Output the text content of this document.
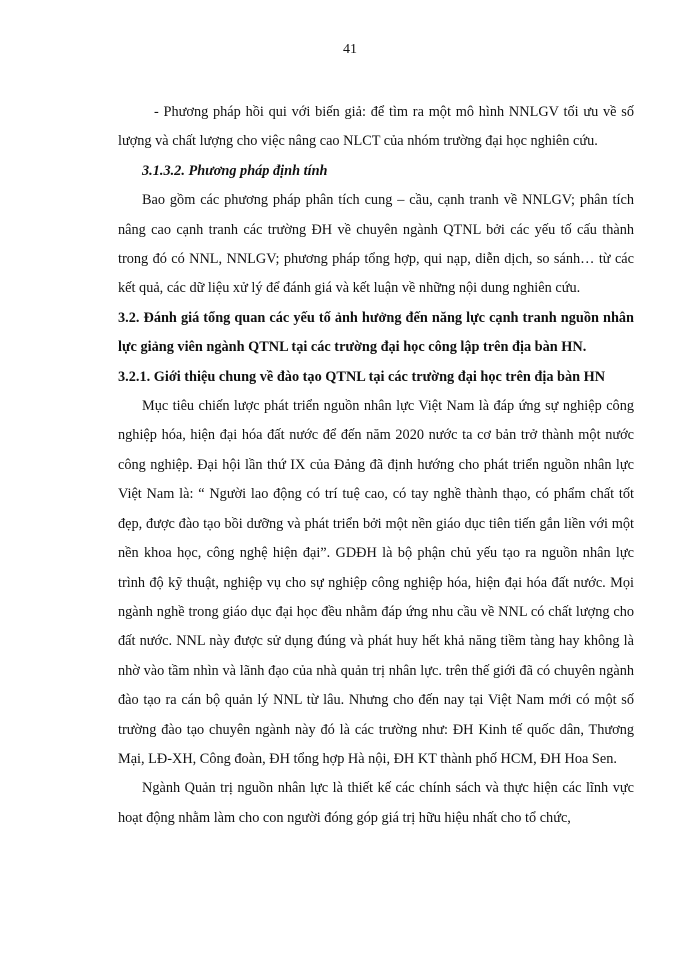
41

- Phương pháp hồi qui với biến giả: để tìm ra một mô hình NNLGV tối ưu về số lượng và chất lượng cho việc nâng cao NLCT của nhóm trường đại học nghiên cứu.

3.1.3.2. Phương pháp định tính

Bao gồm các phương pháp phân tích cung – cầu, cạnh tranh về NNLGV; phân tích nâng cao cạnh tranh các trường ĐH về chuyên ngành QTNL bởi các yếu tố cấu thành trong đó có NNL, NNLGV; phương pháp tổng hợp, qui nạp, diễn dịch, so sánh… từ các kết quả, các dữ liệu xử lý để đánh giá và kết luận về những nội dung nghiên cứu.

3.2. Đánh giá tổng quan các yếu tố ảnh hưởng đến năng lực cạnh tranh nguồn nhân lực giảng viên ngành QTNL tại các trường đại học công lập trên địa bàn HN.
3.2.1. Giới thiệu chung về đào tạo QTNL tại các trường đại học trên địa bàn HN

Mục tiêu chiến lược phát triển nguồn nhân lực Việt Nam là đáp ứng sự nghiệp công nghiệp hóa, hiện đại hóa đất nước để đến năm 2020 nước ta cơ bản trở thành một nước công nghiệp. Đại hội lần thứ IX của Đảng đã định hướng cho phát triển nguồn nhân lực Việt Nam là: “ Người lao động có trí tuệ cao, có tay nghề thành thạo, có phẩm chất tốt đẹp, được đào tạo bồi dưỡng và phát triển bởi một nền giáo dục tiên tiến gắn liền với một nền khoa học, công nghệ hiện đại”. GDĐH là bộ phận chủ yếu tạo ra nguồn nhân lực trình độ kỹ thuật, nghiệp vụ cho sự nghiệp công nghiệp hóa, hiện đại hóa đất nước. Mọi ngành nghề trong giáo dục đại học đều nhằm đáp ứng nhu cầu về NNL có chất lượng cho đất nước. NNL này được sử dụng đúng và phát huy hết khả năng tiềm tàng hay không là nhờ vào tầm nhìn và lãnh đạo của nhà quản trị nhân lực. trên thế giới đã có chuyên ngành đào tạo ra cán bộ quản lý NNL từ lâu. Nhưng cho đến nay tại Việt Nam mới có một số trường đào tạo chuyên ngành này đó là các trường như: ĐH Kinh tế quốc dân, Thương Mại, LĐ-XH, Công đoàn, ĐH tổng hợp Hà nội, ĐH KT thành phố HCM, ĐH Hoa Sen.

Ngành Quản trị nguồn nhân lực là thiết kế các chính sách và thực hiện các lĩnh vực hoạt động nhằm làm cho con người đóng góp giá trị hữu hiệu nhất cho tổ chức,
